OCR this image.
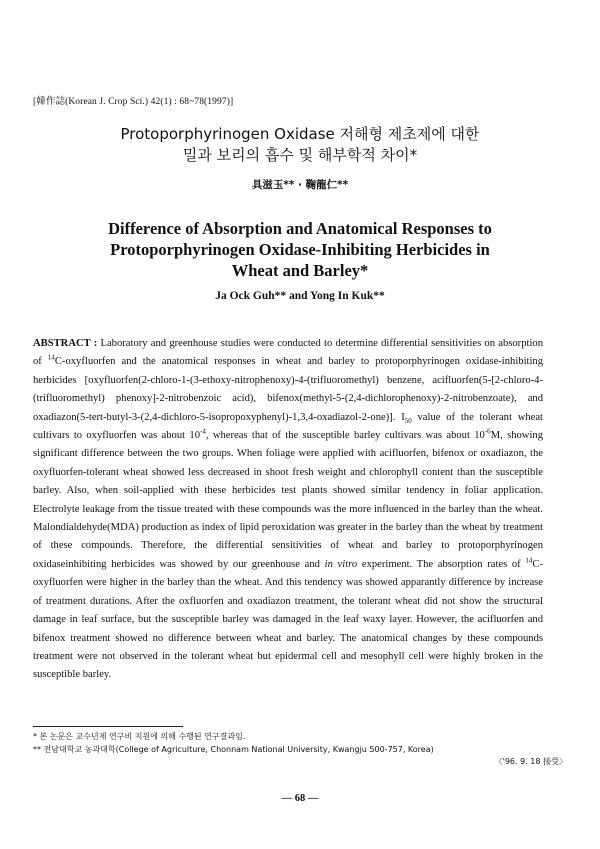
[韓作誌(Korean J. Crop Sci.) 42(1) : 68~78(1997)]
Protoporphyrinogen Oxidase 저해형 제초제에 대한
밀과 보리의 흡수 및 해부학적 차이*
具滋玉** · 鞠龍仁**
Difference of Absorption and Anatomical Responses to
Protoporphyrinogen Oxidase-Inhibiting Herbicides in
Wheat and Barley*
Ja Ock Guh** and Yong In Kuk**
ABSTRACT : Laboratory and greenhouse studies were conducted to determine differential sensitivities on absorption of $^{14}$C-oxyfluorfen and the anatomical responses in wheat and barley to protoporphyrinogen oxidase-inhibiting herbicides [oxyfluorfen(2-chloro-1-(3-ethoxy-nitrophenoxy)-4-(trifluoromethyl) benzene, acifluorfen(5-[2-chloro-4-(trifluoromethyl) phenoxy]-2-nitrobenzoic acid), bifenox(methyl-5-(2,4-dichlorophenoxy)-2-nitrobenzoate), and oxadiazon(5-tert-butyl-3-(2,4-dichloro-5-isopropoxyphenyl)-1,3,4-oxadiazol-2-one)]. $I_{50}$ value of the tolerant wheat cultivars to oxyfluorfen was about $10^{-4}$, whereas that of the susceptible barley cultivars was about $10^{-6}M$, showing significant difference between the two groups. When foliage were applied with acifluorfen, bifenox or oxadiazon, the oxyfluorfen-tolerant wheat showed less decreased in shoot fresh weight and chlorophyll content than the susceptible barley. Also, when soil-applied with these herbicides test plants showed similar tendency in foliar application. Electrolyte leakage from the tissue treated with these compounds was the more influenced in the barley than the wheat. Malondialdehyde(MDA) production as index of lipid peroxidation was greater in the barley than the wheat by treatment of these compounds. Therefore, the differential sensitivities of wheat and barley to protoporphyrinogen oxidaseinhibiting herbicides was showed by our greenhouse and in vitro experiment. The absorption rates of $^{14}$C-oxyfluorfen were higher in the barley than the wheat. And this tendency was showed apparantly difference by increase of treatment durations. After the oxfluorfen and oxadiazon treatment, the tolerant wheat did not show the structural damage in leaf surface, but the susceptible barley was damaged in the leaf waxy layer. However, the acifluorfen and bifenox treatment showed no difference between wheat and barley. The anatomical changes by these compounds treatment were not observed in the tolerant wheat but epidermal cell and mesophyll cell were highly broken in the susceptible barley.
* 본 논문은 교수년제 연구비 지원에 의해 수행된 연구결과임.
** 전남대학교 농과대학(College of Agriculture, Chonnam National University, Kwangju 500-757, Korea)
〈'96. 9. 18 接受〉
— 68 —
